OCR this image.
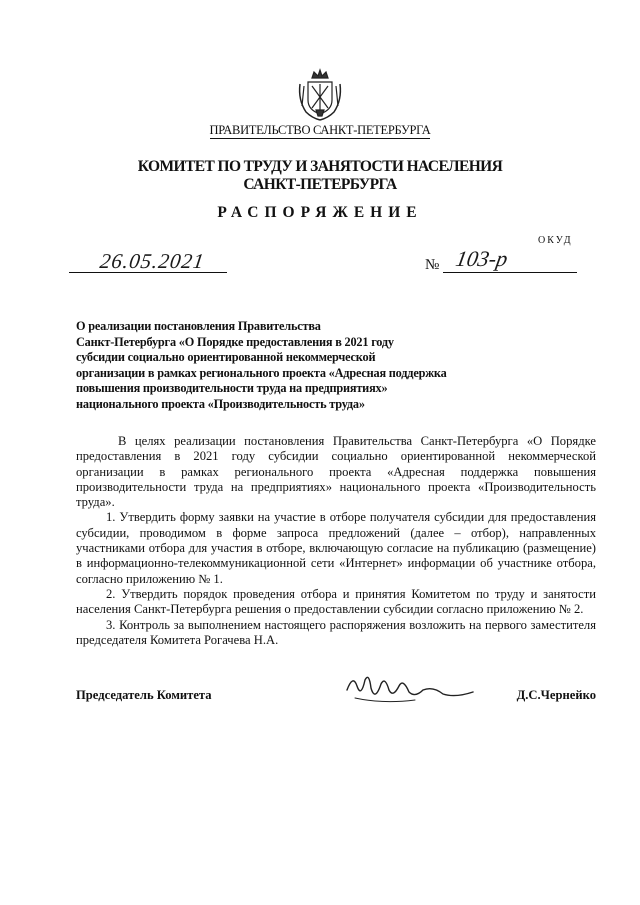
ПРАВИТЕЛЬСТВО САНКТ-ПЕТЕРБУРГА
КОМИТЕТ ПО ТРУДУ И ЗАНЯТОСТИ НАСЕЛЕНИЯ
САНКТ-ПЕТЕРБУРГА
РАСПОРЯЖЕНИЕ
ОКУД
26.05.2021	№ 103-р
О реализации постановления Правительства
Санкт-Петербурга «О Порядке предоставления в 2021 году
субсидии социально ориентированной некоммерческой
организации в рамках регионального проекта «Адресная поддержка
повышения производительности труда на предприятиях»
национального проекта «Производительность труда»

В целях реализации постановления Правительства Санкт-Петербурга «О Порядке предоставления в 2021 году субсидии социально ориентированной некоммерческой организации в рамках регионального проекта «Адресная поддержка повышения производительности труда на предприятиях» национального проекта «Производительность труда».

1. Утвердить форму заявки на участие в отборе получателя субсидии для предоставления субсидии, проводимом в форме запроса предложений (далее – отбор), направленных участниками отбора для участия в отборе, включающую согласие на публикацию (размещение) в информационно-телекоммуникационной сети «Интернет» информации об участнике отбора, согласно приложению № 1.

2. Утвердить порядок проведения отбора и принятия Комитетом по труду и занятости населения Санкт-Петербурга решения о предоставлении субсидии согласно приложению № 2.

3. Контроль за выполнением настоящего распоряжения возложить на первого заместителя председателя Комитета Рогачева Н.А.

Председатель Комитета	Д.С.Чернейко
